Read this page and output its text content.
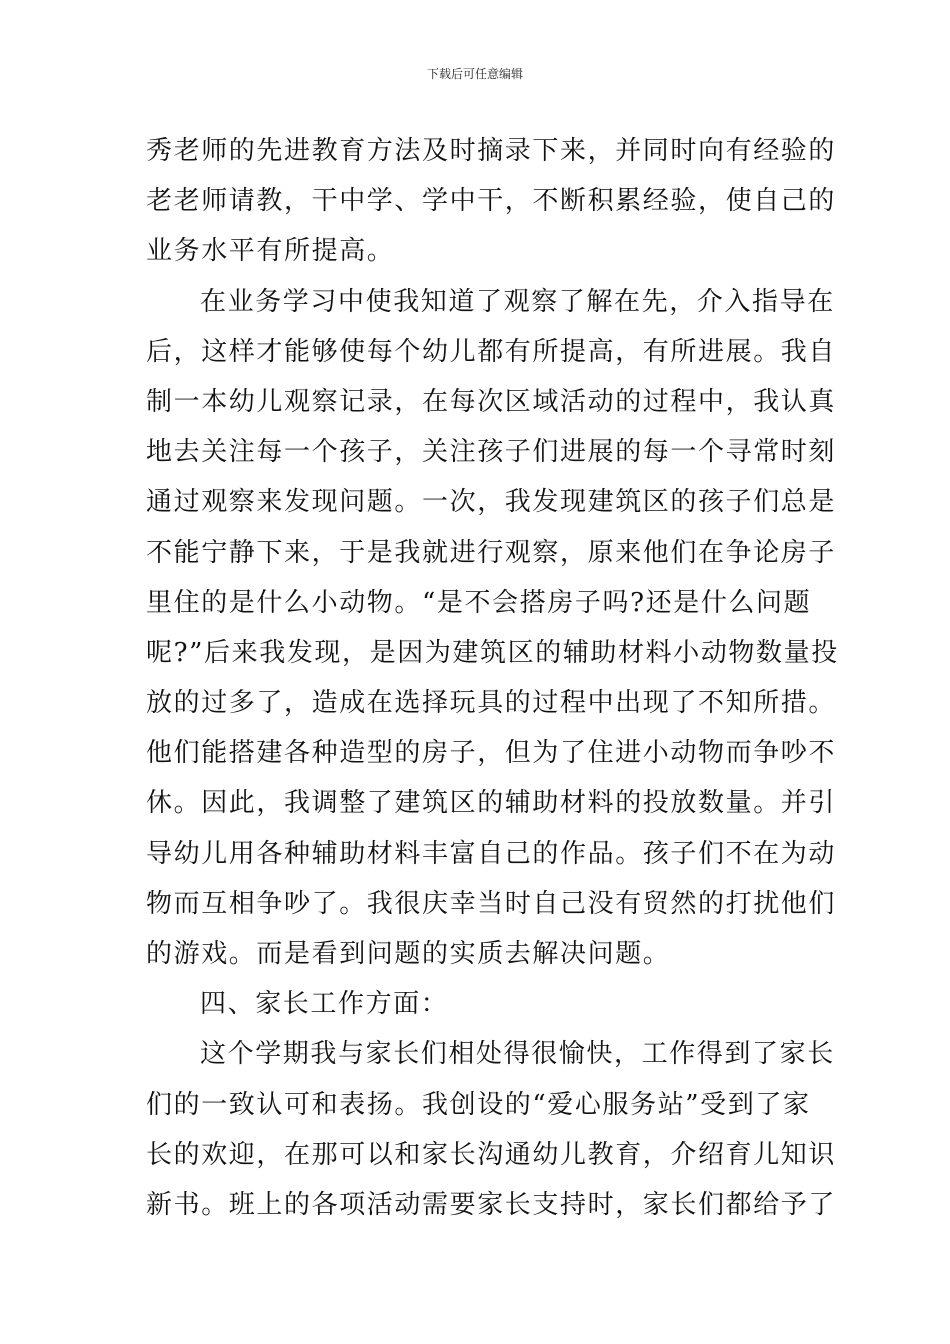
下载后可任意编辑
秀老师的先进教育方法及时摘录下来，并同时向有经验的
老老师请教，干中学、学中干，不断积累经验，使自己的
业务水平有所提高。
在业务学习中使我知道了观察了解在先，介入指导在
后，这样才能够使每个幼儿都有所提高，有所进展。我自
制一本幼儿观察记录，在每次区域活动的过程中，我认真
地去关注每一个孩子，关注孩子们进展的每一个寻常时刻
通过观察来发现问题。一次，我发现建筑区的孩子们总是
不能宁静下来，于是我就进行观察，原来他们在争论房子
里住的是什么小动物。“是不会搭房子吗?还是什么问题
呢?”后来我发现，是因为建筑区的辅助材料小动物数量投
放的过多了，造成在选择玩具的过程中出现了不知所措。
他们能搭建各种造型的房子，但为了住进小动物而争吵不
休。因此，我调整了建筑区的辅助材料的投放数量。并引
导幼儿用各种辅助材料丰富自己的作品。孩子们不在为动
物而互相争吵了。我很庆幸当时自己没有贸然的打扰他们
的游戏。而是看到问题的实质去解决问题。
四、家长工作方面：
这个学期我与家长们相处得很愉快，工作得到了家长
们的一致认可和表扬。我创设的“爱心服务站”受到了家
长的欢迎，在那可以和家长沟通幼儿教育，介绍育儿知识
新书。班上的各项活动需要家长支持时，家长们都给予了
